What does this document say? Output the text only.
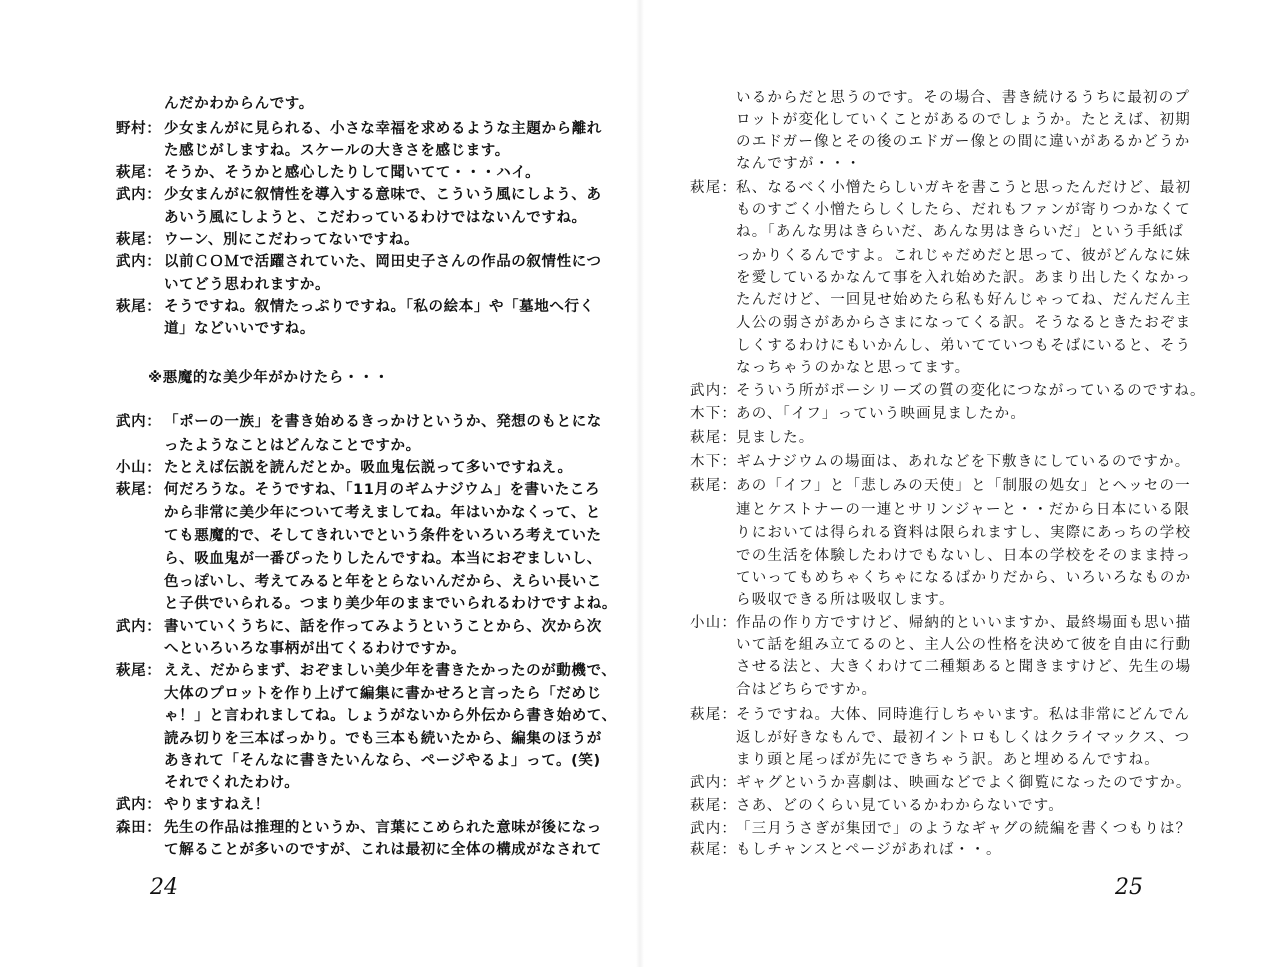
んだかわからんです。
野村： 少女まんがに見られる、小さな幸福を求めるような主題から離れ
た感じがしますね。スケールの大きさを感じます。
萩尾： そうか、そうかと感心したりして聞いてて・・・ハイ。
武内： 少女まんがに叙情性を導入する意味で、こういう風にしよう、あ
あいう風にしようと、こだわっているわけではないんですね。
萩尾： ウーン、別にこだわってないですね。
武内： 以前ＣＯＭで活躍されていた、岡田史子さんの作品の叙情性につ
いてどう思われますか。
萩尾： そうですね。叙情たっぷりですね。「私の絵本」や「墓地へ行く
道」などいいですね。
武内： 「ポーの一族」を書き始めるきっかけというか、発想のもとにな
ったようなことはどんなことですか。
小山： たとえば伝説を読んだとか。吸血鬼伝説って多いですねえ。
萩尾： 何だろうな。そうですね、「11月のギムナジウム」を書いたころ
から非常に美少年について考えましてね。年はいかなくって、と
ても悪魔的で、そしてきれいでという条件をいろいろ考えていた
ら、吸血鬼が一番ぴったりしたんですね。本当におぞましいし、
色っぽいし、考えてみると年をとらないんだから、えらい長いこ
と子供でいられる。つまり美少年のままでいられるわけですよね。
武内： 書いていくうちに、話を作ってみようということから、次から次
へといろいろな事柄が出てくるわけですか。
萩尾： ええ、だからまず、おぞましい美少年を書きたかったのが動機で、
大体のプロットを作り上げて編集に書かせろと言ったら「だめじ
ゃ！」と言われましてね。しょうがないから外伝から書き始めて、
読み切りを三本ばっかり。でも三本も続いたから、編集のほうが
あきれて「そんなに書きたいんなら、ページやるよ」って。(笑)
それでくれたわけ。
武内： やりますねえ！
森田： 先生の作品は推理的というか、言葉にこめられた意味が後になっ
て解ることが多いのですが、これは最初に全体の構成がなされて
いるからだと思うのです。その場合、書き続けるうちに最初のプ
ロットが変化していくことがあるのでしょうか。たとえば、初期
のエドガー像とその後のエドガー像との間に違いがあるかどうか
なんですが・・・
萩尾：私、なるべく小憎たらしいガキを書こうと思ったんだけど、最初
ものすごく小憎たらしくしたら、だれもファンが寄りつかなくて
ね。「あんな男はきらいだ、あんな男はきらいだ」という手紙ば
っかりくるんですよ。これじゃだめだと思って、彼がどんなに妹
を愛しているかなんて事を入れ始めた訳。あまり出したくなかっ
たんだけど、一回見せ始めたら私も好んじゃってね、だんだん主
人公の弱さがあからさまになってくる訳。そうなるときたおぞま
しくするわけにもいかんし、弟いてていつもそばにいると、そう
なっちゃうのかなと思ってます。
武内：そういう所がポーシリーズの質の変化につながっているのですね。
木下：あの、「イフ」っていう映画見ましたか。
萩尾：見ました。
木下：ギムナジウムの場面は、あれなどを下敷きにしているのですか。
萩尾：あの「イフ」と「悲しみの天使」と「制服の処女」とヘッセの一
連とケストナーの一連とサリンジャーと・・だから日本にいる限
りにおいては得られる資料は限られますし、実際にあっちの学校
での生活を体験したわけでもないし、日本の学校をそのまま持っ
ていってもめちゃくちゃになるばかりだから、いろいろなものか
ら吸収できる所は吸収します。
小山：作品の作り方ですけど、帰納的といいますか、最終場面も思い描
いて話を組み立てるのと、主人公の性格を決めて彼を自由に行動
させる法と、大きくわけて二種類あると聞きますけど、先生の場
合はどちらですか。
萩尾：そうですね。大体、同時進行しちゃいます。私は非常にどんでん
返しが好きなもんで、最初イントロもしくはクライマックス、つ
まり頭と尾っぽが先にできちゃう訳。あと埋めるんですね。
武内：ギャグというか喜劇は、映画などでよく御覧になったのですか。
萩尾：さあ、どのくらい見ているかわからないです。
武内：「三月うさぎが集団で」のようなギャグの続編を書くつもりは？
萩尾：もしチャンスとページがあれば・・。
※悪魔的な美少年がかけたら・・・
24	25
